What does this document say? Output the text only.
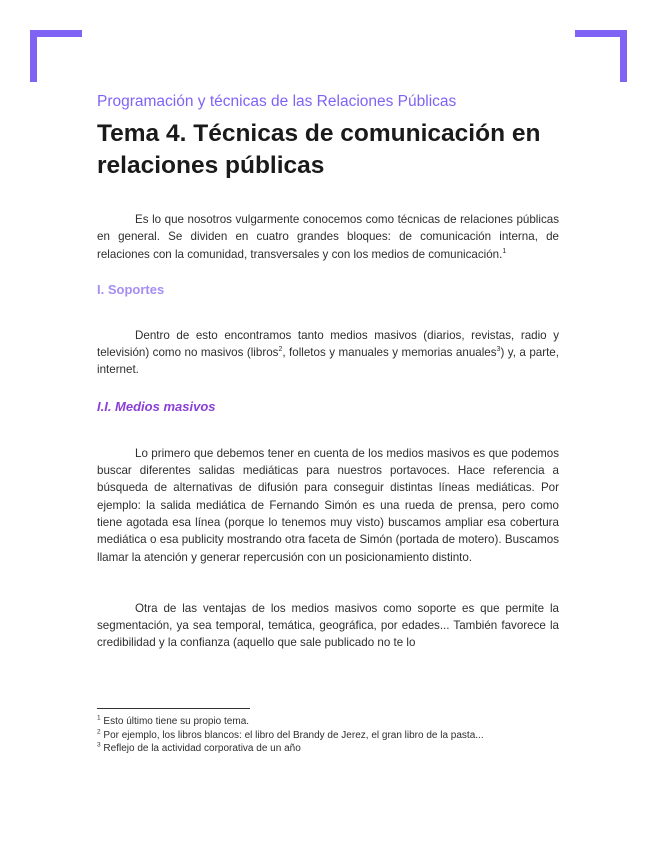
Programación y técnicas de las Relaciones Públicas
Tema 4. Técnicas de comunicación en relaciones públicas

Es lo que nosotros vulgarmente conocemos como técnicas de relaciones públicas en general. Se dividen en cuatro grandes bloques: de comunicación interna, de relaciones con la comunidad, transversales y con los medios de comunicación.$^1$

I. Soportes

Dentro de esto encontramos tanto medios masivos (diarios, revistas, radio y televisión) como no masivos (libros$^2$, folletos y manuales y memorias anuales$^3$) y, a parte, internet.

I.I. Medios masivos

Lo primero que debemos tener en cuenta de los medios masivos es que podemos buscar diferentes salidas mediáticas para nuestros portavoces. Hace referencia a búsqueda de alternativas de difusión para conseguir distintas líneas mediáticas. Por ejemplo: la salida mediática de Fernando Simón es una rueda de prensa, pero como tiene agotada esa línea (porque lo tenemos muy visto) buscamos ampliar esa cobertura mediática o esa publicity mostrando otra faceta de Simón (portada de motero). Buscamos llamar la atención y generar repercusión con un posicionamiento distinto.

Otra de las ventajas de los medios masivos como soporte es que permite la segmentación, ya sea temporal, temática, geográfica, por edades... También favorece la credibilidad y la confianza (aquello que sale publicado no te lo

$^1$ Esto último tiene su propio tema.
$^2$ Por ejemplo, los libros blancos: el libro del Brandy de Jerez, el gran libro de la pasta...
$^3$ Reflejo de la actividad corporativa de un año
